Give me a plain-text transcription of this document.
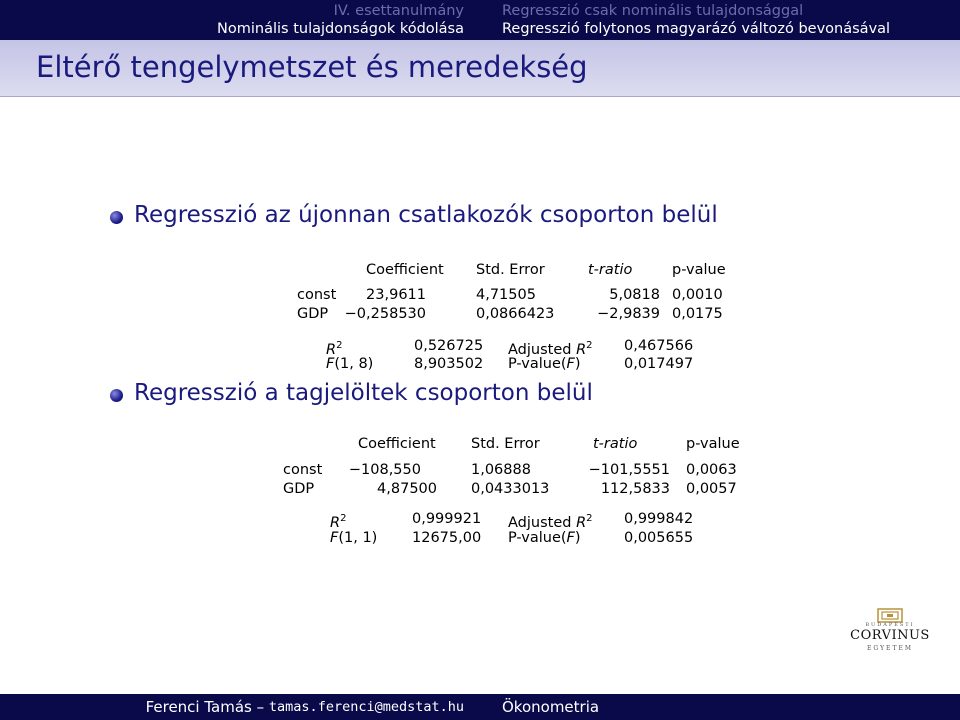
IV. esettanulmány
Nominális tulajdonságok kódolása
Regresszió csak nominális tulajdonsággal
Regresszió folytonos magyarázó változó bevonásával
Eltérő tengelymetszet és meredekség
Regresszió az újonnan csatlakozók csoporton belül
Coefficient Std. Error	t-ratio	p-value
const	23,9611	4,71505	5,0818 0,0010
GDP	−0,258530	0,0866423	−2,9839 0,0175
$R^2$	0,526725 Adjusted $R^2$ 0,467566
F(1, 8)	8,903502 P-value(F)	0,017497
Regresszió a tagjelöltek csoporton belül
Coefficient Std. Error	t-ratio	p-value
const	−108,550	1,06888	−101,5551 0,0063
GDP	4,87500 0,0433013	112,5833 0,0057
$R^2$	0,999921 Adjusted $R^2$ 0,999842
F(1, 1) 12675,00 P-value(F)	0,005655
BUDAPESTI
CORVINUS
EGYETEM
Ferenci Tamás – tamas.ferenci@medstat.hu	Ökonometria
